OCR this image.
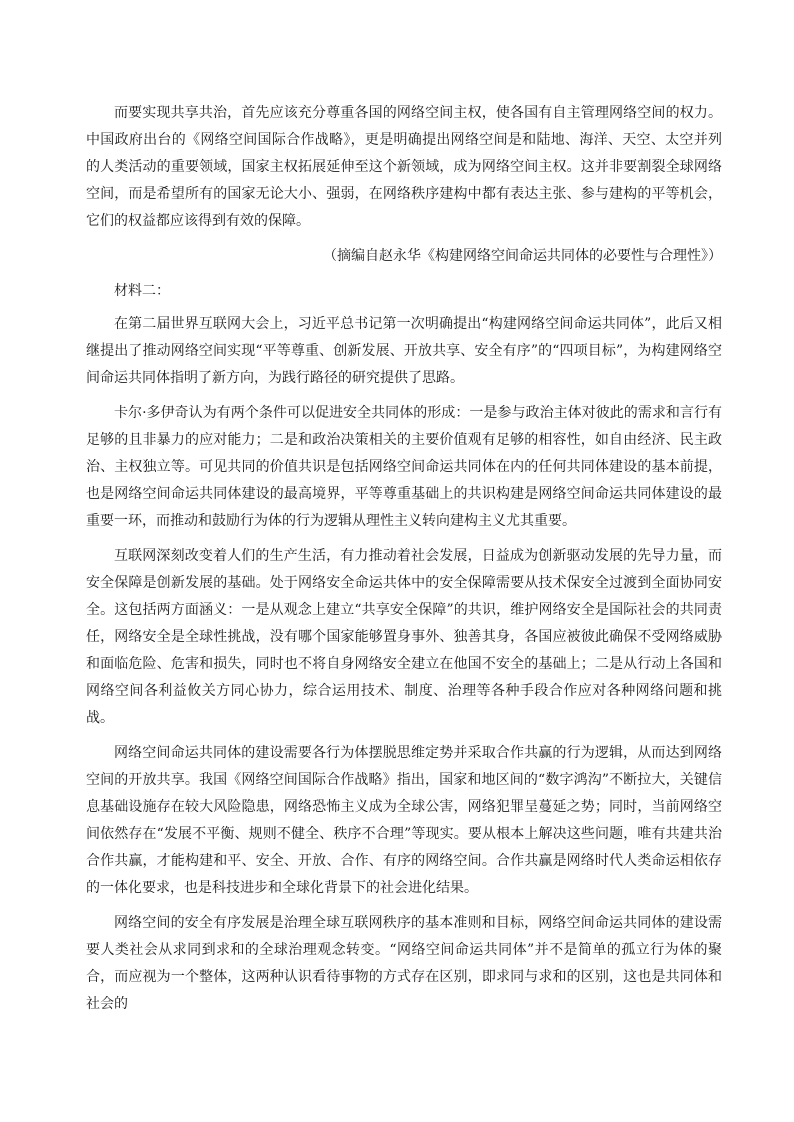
而要实现共享共治，首先应该充分尊重各国的网络空间主权，使各国有自主管理网络空间的权力。中国政府出台的《网络空间国际合作战略》，更是明确提出网络空间是和陆地、海洋、天空、太空并列的人类活动的重要领域，国家主权拓展延伸至这个新领域，成为网络空间主权。这并非要割裂全球网络空间，而是希望所有的国家无论大小、强弱，在网络秩序建构中都有表达主张、参与建构的平等机会，它们的权益都应该得到有效的保障。

（摘编自赵永华《构建网络空间命运共同体的必要性与合理性》）

材料二：

在第二届世界互联网大会上，习近平总书记第一次明确提出“构建网络空间命运共同体”，此后又相继提出了推动网络空间实现“平等尊重、创新发展、开放共享、安全有序”的“四项目标”，为构建网络空间命运共同体指明了新方向，为践行路径的研究提供了思路。

卡尔·多伊奇认为有两个条件可以促进安全共同体的形成：一是参与政治主体对彼此的需求和言行有足够的且非暴力的应对能力；二是和政治决策相关的主要价值观有足够的相容性，如自由经济、民主政治、主权独立等。可见共同的价值共识是包括网络空间命运共同体在内的任何共同体建设的基本前提，也是网络空间命运共同体建设的最高境界，平等尊重基础上的共识构建是网络空间命运共同体建设的最重要一环，而推动和鼓励行为体的行为逻辑从理性主义转向建构主义尤其重要。

互联网深刻改变着人们的生产生活，有力推动着社会发展，日益成为创新驱动发展的先导力量，而安全保障是创新发展的基础。处于网络安全命运共体中的安全保障需要从技术保安全过渡到全面协同安全。这包括两方面涵义：一是从观念上建立“共享安全保障”的共识，维护网络安全是国际社会的共同责任，网络安全是全球性挑战，没有哪个国家能够置身事外、独善其身，各国应被彼此确保不受网络威胁和面临危险、危害和损失，同时也不将自身网络安全建立在他国不安全的基础上；二是从行动上各国和网络空间各利益攸关方同心协力，综合运用技术、制度、治理等各种手段合作应对各种网络问题和挑战。

网络空间命运共同体的建设需要各行为体摆脱思维定势并采取合作共赢的行为逻辑，从而达到网络空间的开放共享。我国《网络空间国际合作战略》指出，国家和地区间的“数字鸿沟”不断拉大，关键信息基础设施存在较大风险隐患，网络恐怖主义成为全球公害，网络犯罪呈蔓延之势；同时，当前网络空间依然存在“发展不平衡、规则不健全、秩序不合理”等现实。要从根本上解决这些问题，唯有共建共治合作共赢，才能构建和平、安全、开放、合作、有序的网络空间。合作共赢是网络时代人类命运相依存的一体化要求，也是科技进步和全球化背景下的社会进化结果。

网络空间的安全有序发展是治理全球互联网秩序的基本准则和目标，网络空间命运共同体的建设需要人类社会从求同到求和的全球治理观念转变。“网络空间命运共同体”并不是简单的孤立行为体的聚合，而应视为一个整体，这两种认识看待事物的方式存在区别，即求同与求和的区别，这也是共同体和社会的
